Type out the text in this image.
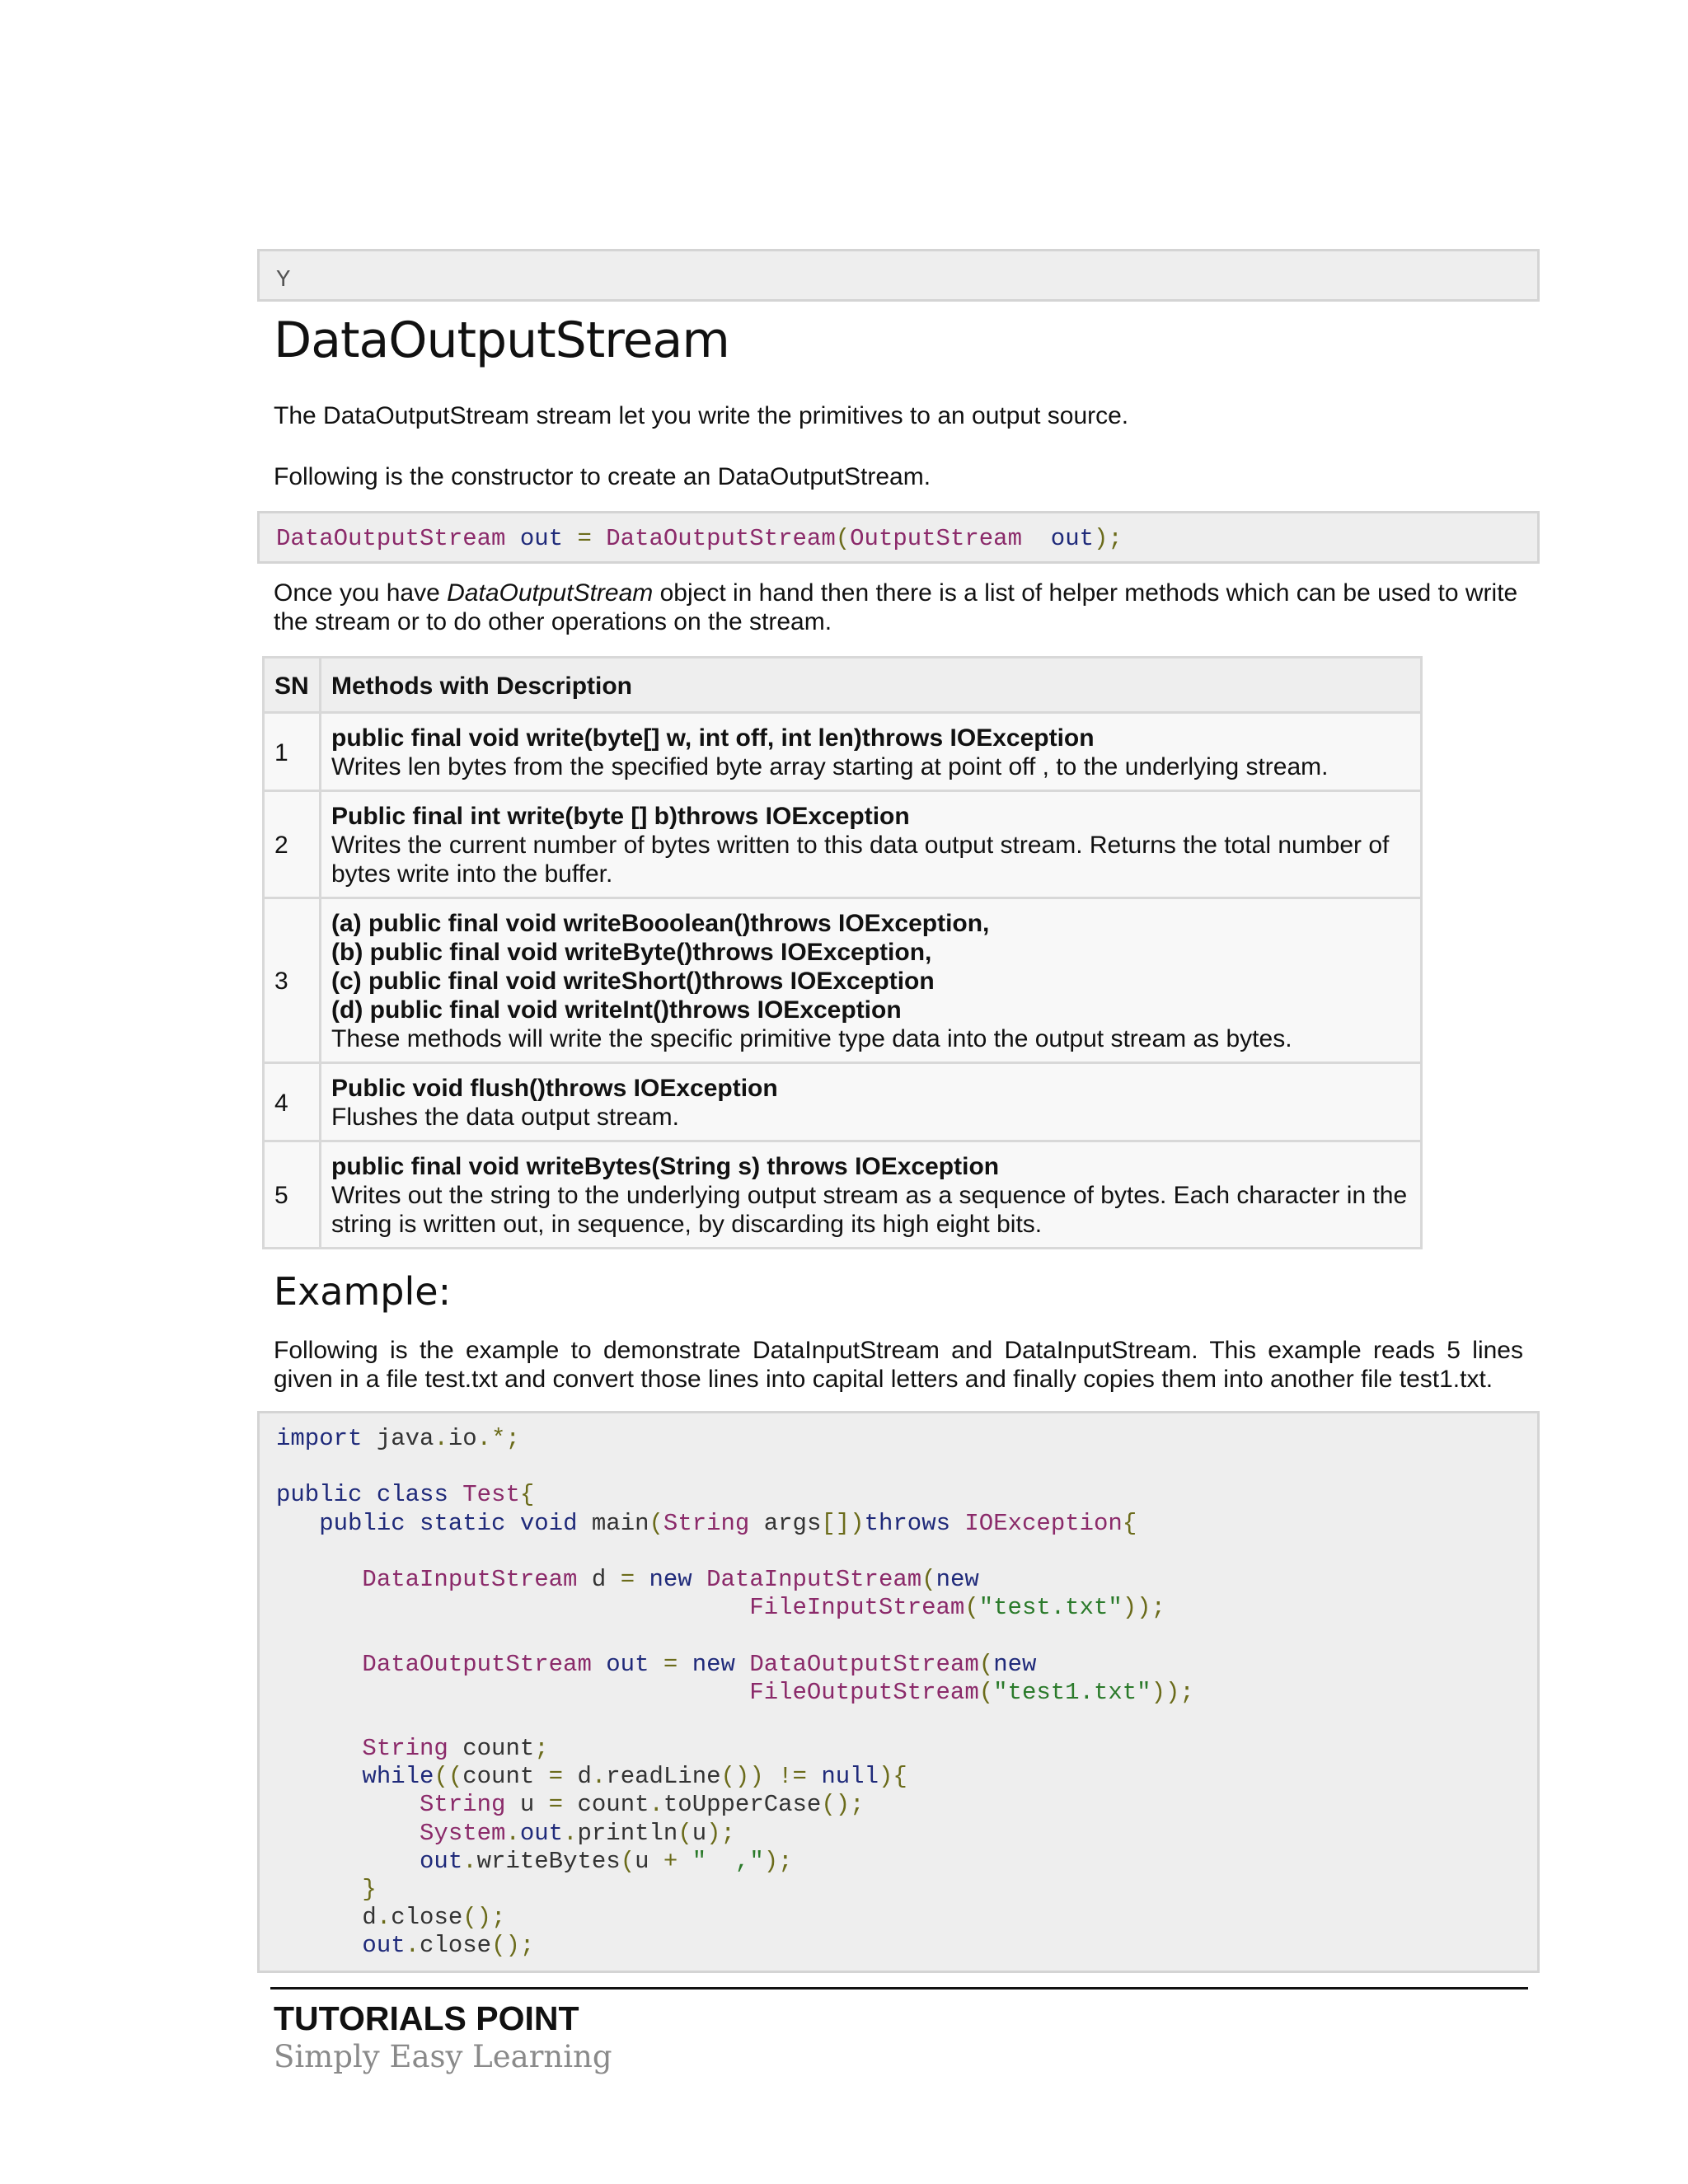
Y
DataOutputStream

The DataOutputStream stream let you write the primitives to an output source.

Following is the constructor to create an DataOutputStream.

DataOutputStream out = DataOutputStream(OutputStream  out);

Once you have DataOutputStream object in hand then there is a list of helper methods which can be used to write the stream or to do other operations on the stream.

SN	Methods with Description
1	public final void write(byte[] w, int off, int len)throws IOException
Writes len bytes from the specified byte array starting at point off , to the underlying stream.
2	Public final int write(byte [] b)throws IOException
Writes the current number of bytes written to this data output stream. Returns the total number of bytes write into the buffer.
3	(a) public final void writeBooolean()throws IOException,
(b) public final void writeByte()throws IOException,
(c) public final void writeShort()throws IOException
(d) public final void writeInt()throws IOException
These methods will write the specific primitive type data into the output stream as bytes.
4	Public void flush()throws IOException
Flushes the data output stream.
5	public final void writeBytes(String s) throws IOException
Writes out the string to the underlying output stream as a sequence of bytes. Each character in the string is written out, in sequence, by discarding its high eight bits.
Example:

Following is the example to demonstrate DataInputStream and DataInputStream. This example reads 5 lines given in a file test.txt and convert those lines into capital letters and finally copies them into another file test1.txt.

import java.io.*;
public class Test{
public static void main(String args[])throws IOException{
DataInputStream d = new DataInputStream(new
FileInputStream("test.txt"));
DataOutputStream out = new DataOutputStream(new
FileOutputStream("test1.txt"));
String count;
while((count = d.readLine()) != null){
String u = count.toUpperCase();
System.out.println(u);
out.writeBytes(u + "  ,");
}
d.close();
out.close();
TUTORIALS POINT
Simply Easy Learning
